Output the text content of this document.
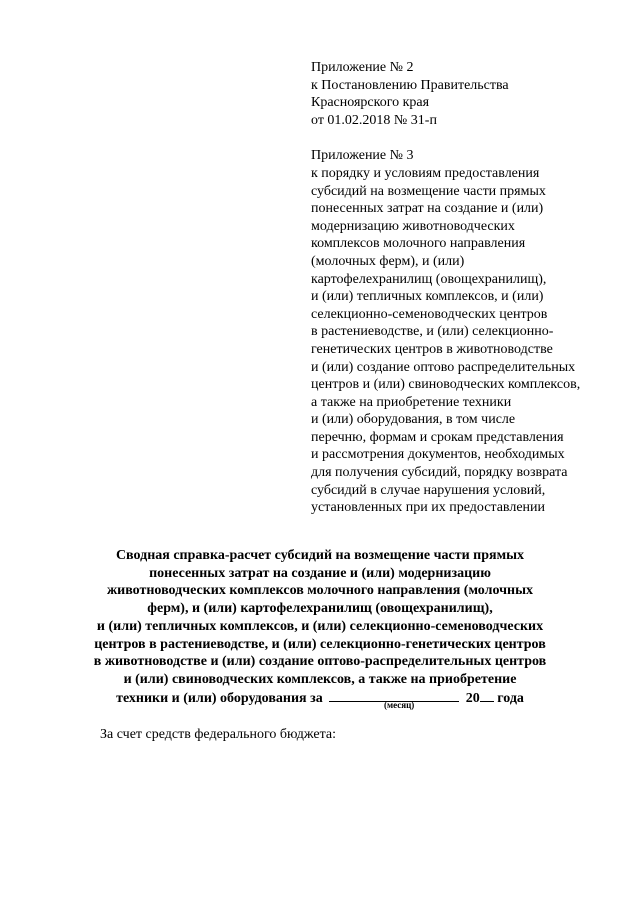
Приложение № 2
к Постановлению Правительства
Красноярского края
от 01.02.2018 № 31-п
Приложение № 3
к порядку и условиям предоставления
субсидий на возмещение части прямых
понесенных затрат на создание и (или)
модернизацию животноводческих
комплексов молочного направления
(молочных ферм), и (или)
картофелехранилищ (овощехранилищ),
и (или) тепличных комплексов, и (или)
селекционно-семеноводческих центров
в растениеводстве, и (или) селекционно-
генетических центров в животноводстве
и (или) создание оптово распределительных
центров и (или) свиноводческих комплексов,
а также на приобретение техники
и (или) оборудования, в том числе
перечню, формам и срокам представления
и рассмотрения документов, необходимых
для получения субсидий, порядку возврата
субсидий в случае нарушения условий,
установленных при их предоставлении
Сводная справка-расчет субсидий на возмещение части прямых
понесенных затрат на создание и (или) модернизацию
животноводческих комплексов молочного направления (молочных
ферм), и (или) картофелехранилищ (овощехранилищ),
и (или) тепличных комплексов, и (или) селекционно-семеноводческих
центров в растениеводстве, и (или) селекционно-генетических центров
в животноводстве и (или) создание оптово-распределительных центров
и (или) свиноводческих комплексов, а также на приобретение
техники и (или) оборудования за	20 года
(месяц)
За счет средств федерального бюджета:
